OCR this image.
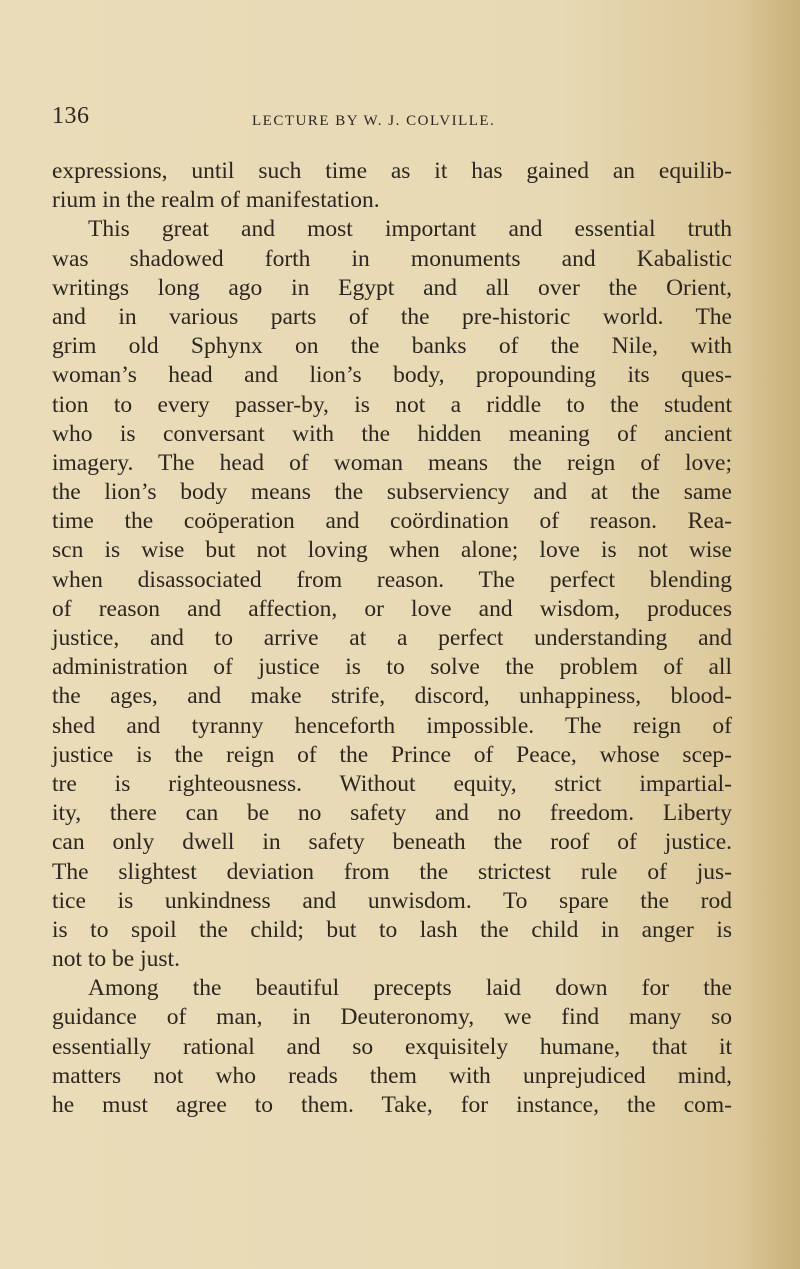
136	LECTURE BY W. J. COLVILLE.
expressions, until such time as it has gained an equilib-
rium in the realm of manifestation.
This great and most important and essential truth
was shadowed forth in monuments and Kabalistic
writings long ago in Egypt and all over the Orient,
and in various parts of the pre-historic world. The
grim old Sphynx on the banks of the Nile, with
woman’s head and lion’s body, propounding its ques-
tion to every passer-by, is not a riddle to the student
who is conversant with the hidden meaning of ancient
imagery. The head of woman means the reign of love;
the lion’s body means the subserviency and at the same
time the coöperation and coördination of reason. Rea-
scn is wise but not loving when alone; love is not wise
when disassociated from reason. The perfect blending
of reason and affection, or love and wisdom, produces
justice, and to arrive at a perfect understanding and
administration of justice is to solve the problem of all
the ages, and make strife, discord, unhappiness, blood-
shed and tyranny henceforth impossible. The reign of
justice is the reign of the Prince of Peace, whose scep-
tre is righteousness. Without equity, strict impartial-
ity, there can be no safety and no freedom. Liberty
can only dwell in safety beneath the roof of justice.
The slightest deviation from the strictest rule of jus-
tice is unkindness and unwisdom. To spare the rod
is to spoil the child; but to lash the child in anger is
not to be just.
Among the beautiful precepts laid down for the
guidance of man, in Deuteronomy, we find many so
essentially rational and so exquisitely humane, that it
matters not who reads them with unprejudiced mind,
he must agree to them. Take, for instance, the com-
